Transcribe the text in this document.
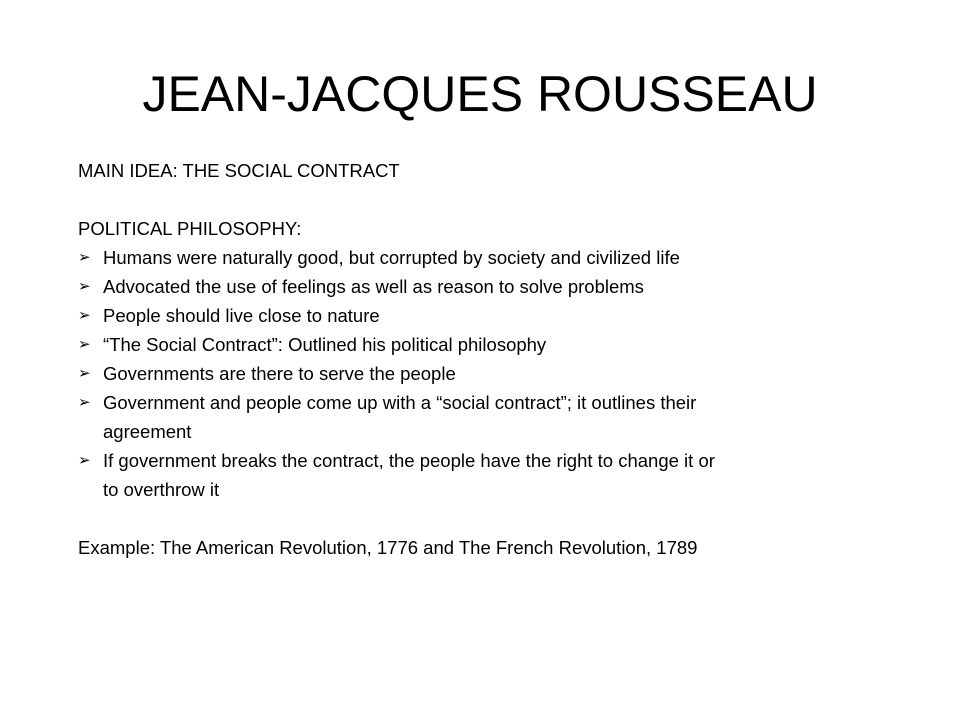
JEAN-JACQUES ROUSSEAU

MAIN IDEA: THE SOCIAL CONTRACT

POLITICAL PHILOSOPHY:

➢ Humans were naturally good, but corrupted by society and civilized life
➢ Advocated the use of feelings as well as reason to solve problems
➢ People should live close to nature
➢ “The Social Contract”: Outlined his political philosophy
➢ Governments are there to serve the people
➢ Government and people come up with a “social contract”; it outlines their
agreement
➢ If government breaks the contract, the people have the right to change it or
to overthrow it

Example: The American Revolution, 1776 and The French Revolution, 1789
